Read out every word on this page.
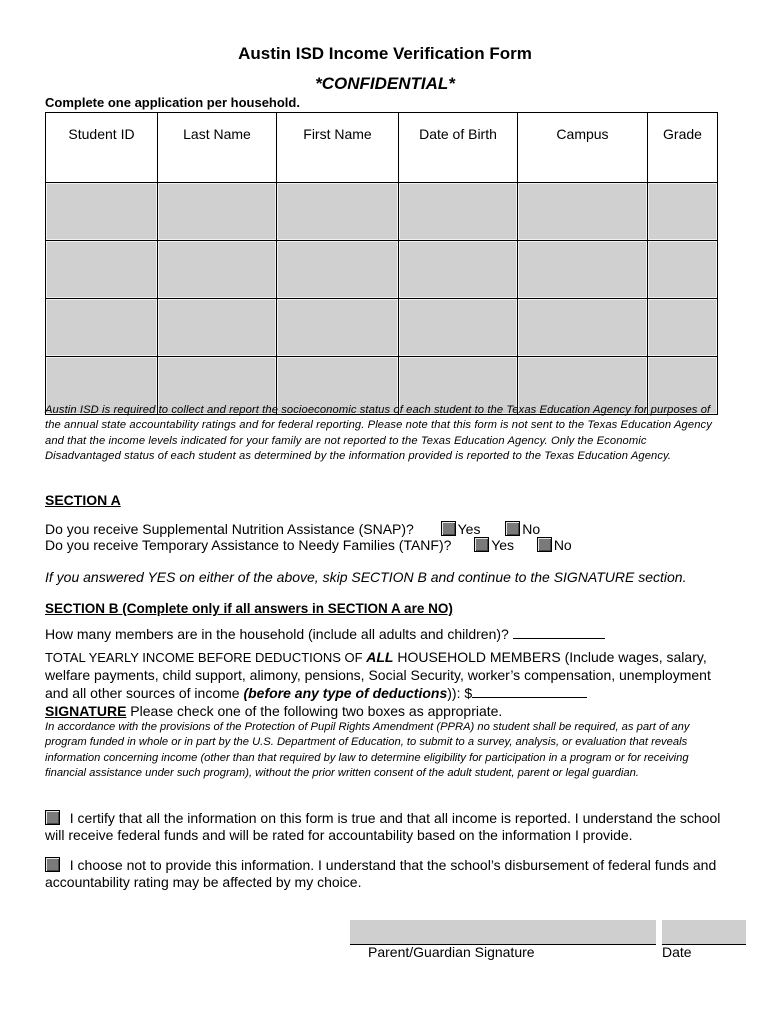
Austin ISD Income Verification Form
*CONFIDENTIAL*
Complete one application per household.
Student ID	Last Name	First Name	Date of Birth	Campus	Grade

Austin ISD is required to collect and report the socioeconomic status of each student to the Texas Education Agency for purposes of the annual state accountability ratings and for federal reporting. Please note that this form is not sent to the Texas Education Agency and that the income levels indicated for your family are not reported to the Texas Education Agency. Only the Economic Disadvantaged status of each student as determined by the information provided is reported to the Texas Education Agency.
SECTION A
Do you receive Supplemental Nutrition Assistance (SNAP)?	Yes	No
Do you receive Temporary Assistance to Needy Families (TANF)?	Yes	No
If you answered YES on either of the above, skip SECTION B and continue to the SIGNATURE section.
SECTION B (Complete only if all answers in SECTION A are NO)
How many members are in the household (include all adults and children)?
TOTAL YEARLY INCOME BEFORE DEDUCTIONS OF ALL HOUSEHOLD MEMBERS (Include wages, salary, welfare payments, child support, alimony, pensions, Social Security, worker’s compensation, unemployment and all other sources of income (before any type of deductions)): $
SIGNATURE Please check one of the following two boxes as appropriate.
In accordance with the provisions of the Protection of Pupil Rights Amendment (PPRA) no student shall be required, as part of any program funded in whole or in part by the U.S. Department of Education, to submit to a survey, analysis, or evaluation that reveals information concerning income (other than that required by law to determine eligibility for participation in a program or for receiving financial assistance under such program), without the prior written consent of the adult student, parent or legal guardian.
I certify that all the information on this form is true and that all income is reported. I understand the school will receive federal funds and will be rated for accountability based on the information I provide.
I choose not to provide this information. I understand that the school’s disbursement of federal funds and accountability rating may be affected by my choice.
Parent/Guardian Signature	Date
